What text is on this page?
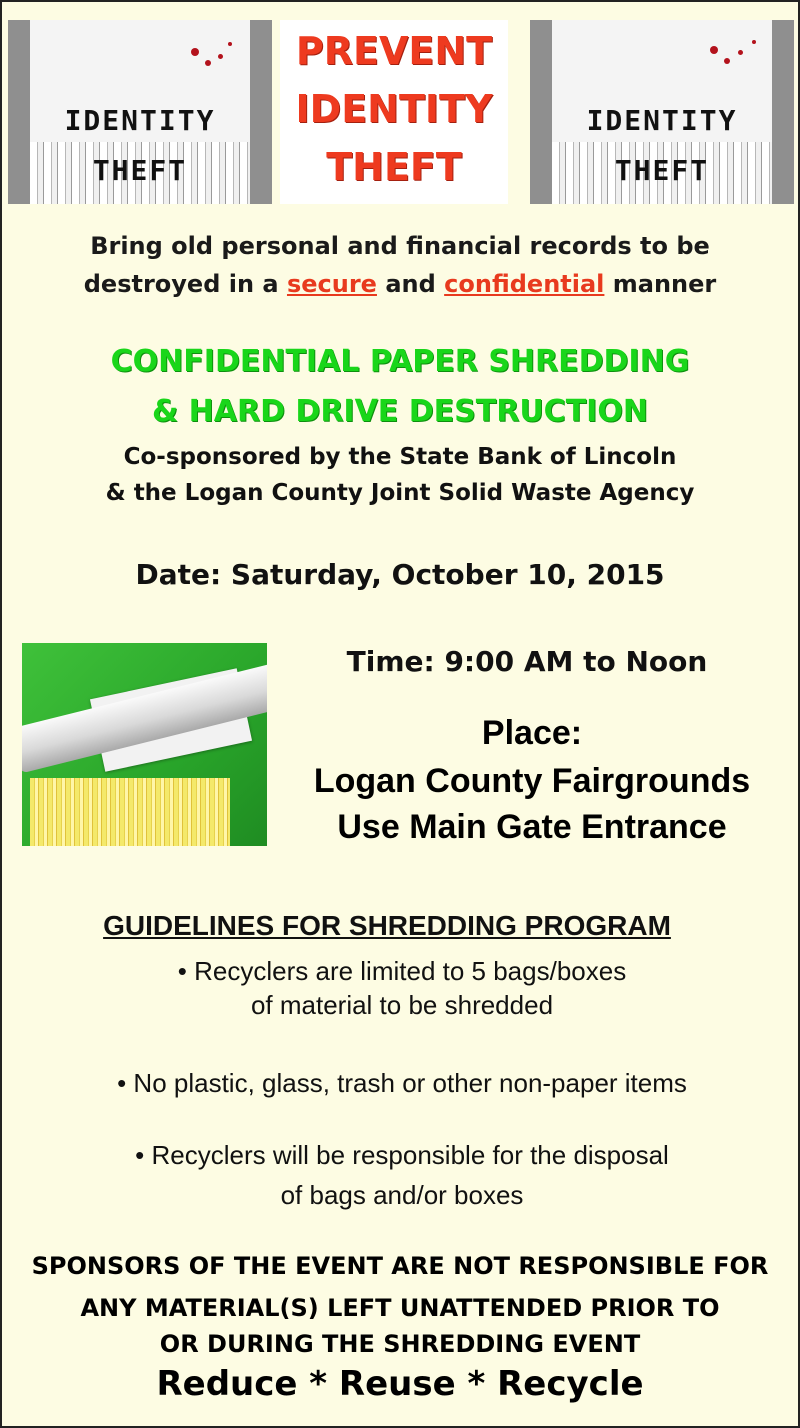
IDENTITY
THEFT
PREVENT
IDENTITY
THEFT
IDENTITY
THEFT
Bring old personal and financial records to be
destroyed in a secure and confidential manner
CONFIDENTIAL PAPER SHREDDING
& HARD DRIVE DESTRUCTION
Co-sponsored by the State Bank of Lincoln
& the Logan County Joint Solid Waste Agency
Date: Saturday, October 10, 2015
Time: 9:00 AM to Noon
Place:
Logan County Fairgrounds
Use Main Gate Entrance
GUIDELINES FOR SHREDDING PROGRAM
• Recyclers are limited to 5 bags/boxes
of material to be shredded
• No plastic, glass, trash or other non-paper items
• Recyclers will be responsible for the disposal
of bags and/or boxes
SPONSORS OF THE EVENT ARE NOT RESPONSIBLE FOR
ANY MATERIAL(S) LEFT UNATTENDED PRIOR TO
OR DURING THE SHREDDING EVENT
Reduce * Reuse * Recycle
